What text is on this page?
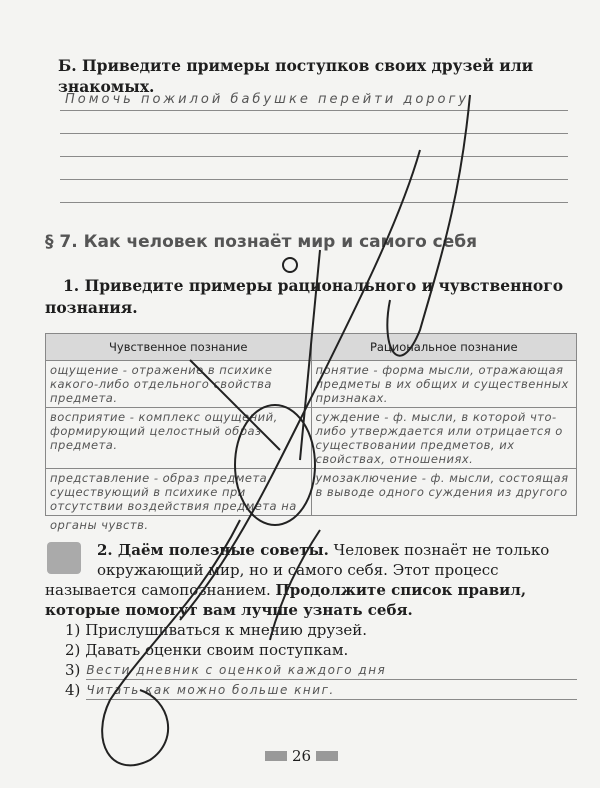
Б. Приведите примеры поступков своих друзей или знакомых.
Помочь пожилой бабушке перейти дорогу
§ 7. Как человек познаёт мир и самого себя
1. Приведите примеры рационального и чувственного познания.
Чувственное познание	Рациональное познание
ощущение - отражение в психике какого-либо отдельного свойства предмета.	понятие - форма мысли, отражающая предметы в их общих и существенных признаках.
восприятие - комплекс ощущений, формирующий целостный образ предмета.	суждение - ф. мысли, в которой что-либо утверждается или отрицается о существовании предметов, их свойствах, отношениях.
представление - образ предмета, существующий в психике при отсутствии воздействия предмета на	умозаключение - ф. мысли, состоящая в выводе одного суждения из другого
органы чувств.
2. Даём полезные советы. Человек познаёт не только окружающий мир, но и самого себя. Этот процесс называется самопознанием. Продолжите список правил, которые помогут вам лучше узнать себя.
1) Прислушиваться к мнению друзей.
2) Давать оценки своим поступкам.
3) Вести дневник с оценкой каждого дня
4) Читать как можно больше книг.
26
